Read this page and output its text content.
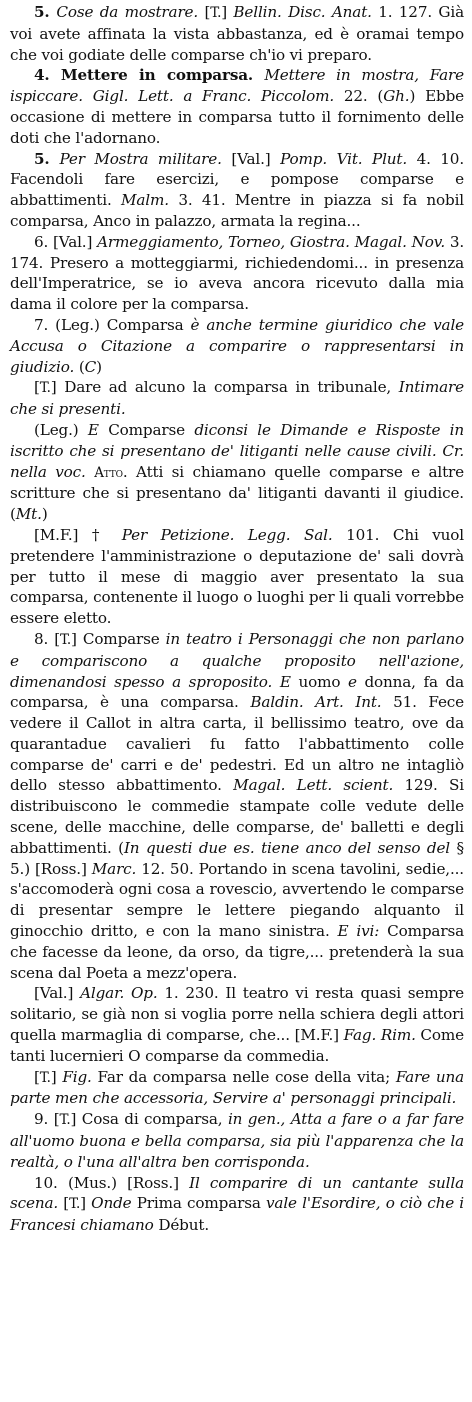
5. Cose da mostrare. [T.] Bellin. Disc. Anat. 1. 127. Già voi avete affinata la vista abbastanza, ed è oramai tempo che voi godiate delle comparse ch'io vi preparo.

4. Mettere in comparsa. Mettere in mostra, Fare ispiccare. Gigl. Lett. a Franc. Piccolom. 22. (Gh.) Ebbe occasione di mettere in comparsa tutto il fornimento delle doti che l'adornano.

5. Per Mostra militare. [Val.] Pomp. Vit. Plut. 4. 10. Facendoli fare esercizi, e pompose comparse e abbattimenti. Malm. 3. 41. Mentre in piazza si fa nobil comparsa, Anco in palazzo, armata la regina...

6. [Val.] Armeggiamento, Torneo, Giostra. Magal. Nov. 3. 174. Presero a motteggiarmi, richiedendomi... in presenza dell'Imperatrice, se io aveva ancora ricevuto dalla mia dama il colore per la comparsa.

7. (Leg.) Comparsa è anche termine giuridico che vale Accusa o Citazione a comparire o rappresentarsi in giudizio. (C)

[T.] Dare ad alcuno la comparsa in tribunale, Intimare che si presenti.

(Leg.) E Comparse diconsi le Dimande e Risposte in iscritto che si presentano de' litiganti nelle cause civili. Cr. nella voc. Atto. Atti si chiamano quelle comparse e altre scritture che si presentano da' litiganti davanti il giudice. (Mt.)

[M.F.] † Per Petizione. Legg. Sal. 101. Chi vuol pretendere l'amministrazione o deputazione de' sali dovrà per tutto il mese di maggio aver presentato la sua comparsa, contenente il luogo o luoghi per li quali vorrebbe essere eletto.

8. [T.] Comparse in teatro i Personaggi che non parlano e compariscono a qualche proposito nell'azione, dimenandosi spesso a sproposito. E uomo e donna, fa da comparsa, è una comparsa. Baldin. Art. Int. 51. Fece vedere il Callot in altra carta, il bellissimo teatro, ove da quarantadue cavalieri fu fatto l'abbattimento colle comparse de' carri e de' pedestri. Ed un altro ne intagliò dello stesso abbattimento. Magal. Lett. scient. 129. Si distribuiscono le commedie stampate colle vedute delle scene, delle macchine, delle comparse, de' balletti e degli abbattimenti. (In questi due es. tiene anco del senso del § 5.) [Ross.] Marc. 12. 50. Portando in scena tavolini, sedie,... s'accomoderà ogni cosa a rovescio, avvertendo le comparse di presentar sempre le lettere piegando alquanto il ginocchio dritto, e con la mano sinistra. E ivi: Comparsa che facesse da leone, da orso, da tigre,... pretenderà la sua scena dal Poeta a mezz'opera.

[Val.] Algar. Op. 1. 230. Il teatro vi resta quasi sempre solitario, se già non si voglia porre nella schiera degli attori quella marmaglia di comparse, che... [M.F.] Fag. Rim. Come tanti lucernieri O comparse da commedia.

[T.] Fig. Far da comparsa nelle cose della vita; Fare una parte men che accessoria, Servire a' personaggi principali.

9. [T.] Cosa di comparsa, in gen., Atta a fare o a far fare all'uomo buona e bella comparsa, sia più l'apparenza che la realtà, o l'una all'altra ben corrisponda.

10. (Mus.) [Ross.] Il comparire di un cantante sulla scena. [T.] Onde Prima comparsa vale l'Esordire, o ciò che i Francesi chiamano Début.
